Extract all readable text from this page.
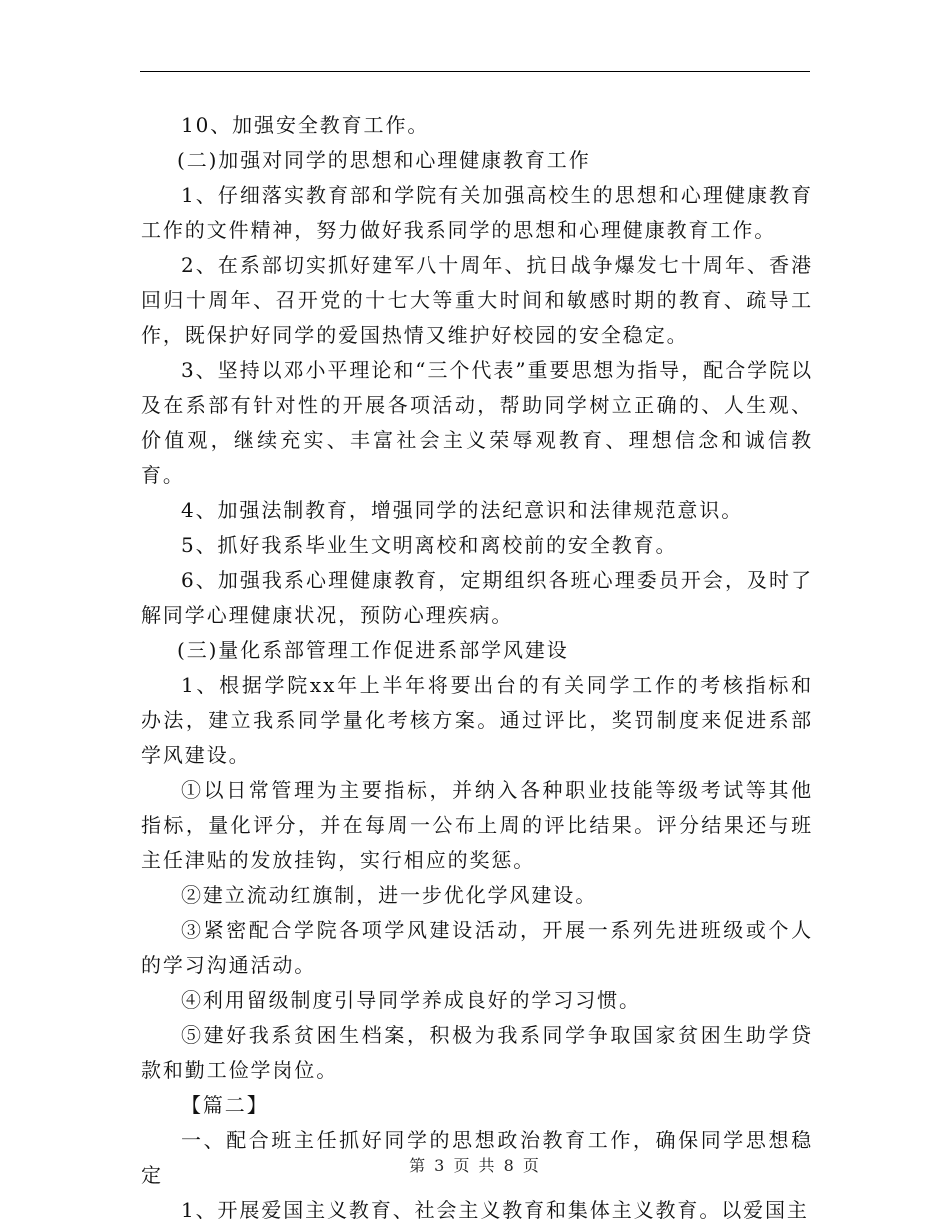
10、加强安全教育工作。

(二)加强对同学的思想和心理健康教育工作

1、仔细落实教育部和学院有关加强高校生的思想和心理健康教育工作的文件精神，努力做好我系同学的思想和心理健康教育工作。

2、在系部切实抓好建军八十周年、抗日战争爆发七十周年、香港回归十周年、召开党的十七大等重大时间和敏感时期的教育、疏导工作，既保护好同学的爱国热情又维护好校园的安全稳定。

3、坚持以邓小平理论和“三个代表”重要思想为指导，配合学院以及在系部有针对性的开展各项活动，帮助同学树立正确的、人生观、价值观，继续充实、丰富社会主义荣辱观教育、理想信念和诚信教育。

4、加强法制教育，增强同学的法纪意识和法律规范意识。

5、抓好我系毕业生文明离校和离校前的安全教育。

6、加强我系心理健康教育，定期组织各班心理委员开会，及时了解同学心理健康状况，预防心理疾病。

(三)量化系部管理工作促进系部学风建设

1、根据学院xx年上半年将要出台的有关同学工作的考核指标和办法，建立我系同学量化考核方案。通过评比，奖罚制度来促进系部学风建设。

①以日常管理为主要指标，并纳入各种职业技能等级考试等其他指标，量化评分，并在每周一公布上周的评比结果。评分结果还与班主任津贴的发放挂钩，实行相应的奖惩。

②建立流动红旗制，进一步优化学风建设。

③紧密配合学院各项学风建设活动，开展一系列先进班级或个人的学习沟通活动。

④利用留级制度引导同学养成良好的学习习惯。

⑤建好我系贫困生档案，积极为我系同学争取国家贫困生助学贷款和勤工俭学岗位。

【篇二】

一、配合班主任抓好同学的思想政治教育工作，确保同学思想稳定

1、开展爱国主义教育、社会主义教育和集体主义教育。以爱国主

第 3 页 共 8 页
